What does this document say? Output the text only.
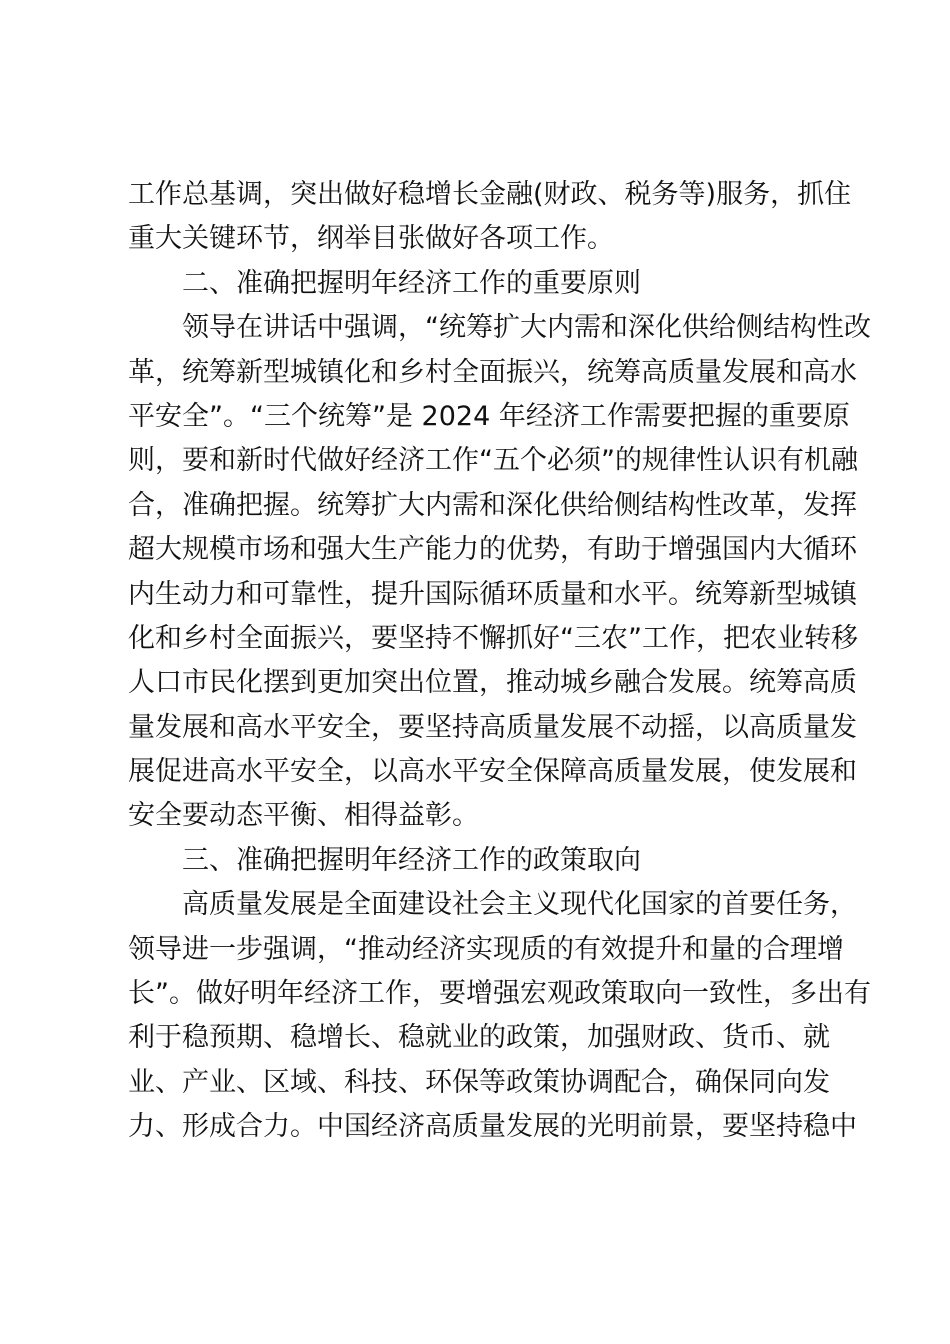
工作总基调，突出做好稳增长金融(财政、税务等)服务，抓住
重大关键环节，纲举目张做好各项工作。
二、准确把握明年经济工作的重要原则
领导在讲话中强调，“统筹扩大内需和深化供给侧结构性改
革，统筹新型城镇化和乡村全面振兴，统筹高质量发展和高水
平安全”。“三个统筹”是 2024 年经济工作需要把握的重要原
则，要和新时代做好经济工作“五个必须”的规律性认识有机融
合，准确把握。统筹扩大内需和深化供给侧结构性改革，发挥
超大规模市场和强大生产能力的优势，有助于增强国内大循环
内生动力和可靠性，提升国际循环质量和水平。统筹新型城镇
化和乡村全面振兴，要坚持不懈抓好“三农”工作，把农业转移
人口市民化摆到更加突出位置，推动城乡融合发展。统筹高质
量发展和高水平安全，要坚持高质量发展不动摇，以高质量发
展促进高水平安全，以高水平安全保障高质量发展，使发展和
安全要动态平衡、相得益彰。
三、准确把握明年经济工作的政策取向
高质量发展是全面建设社会主义现代化国家的首要任务，
领导进一步强调，“推动经济实现质的有效提升和量的合理增
长”。做好明年经济工作，要增强宏观政策取向一致性，多出有
利于稳预期、稳增长、稳就业的政策，加强财政、货币、就
业、产业、区域、科技、环保等政策协调配合，确保同向发
力、形成合力。中国经济高质量发展的光明前景，要坚持稳中
